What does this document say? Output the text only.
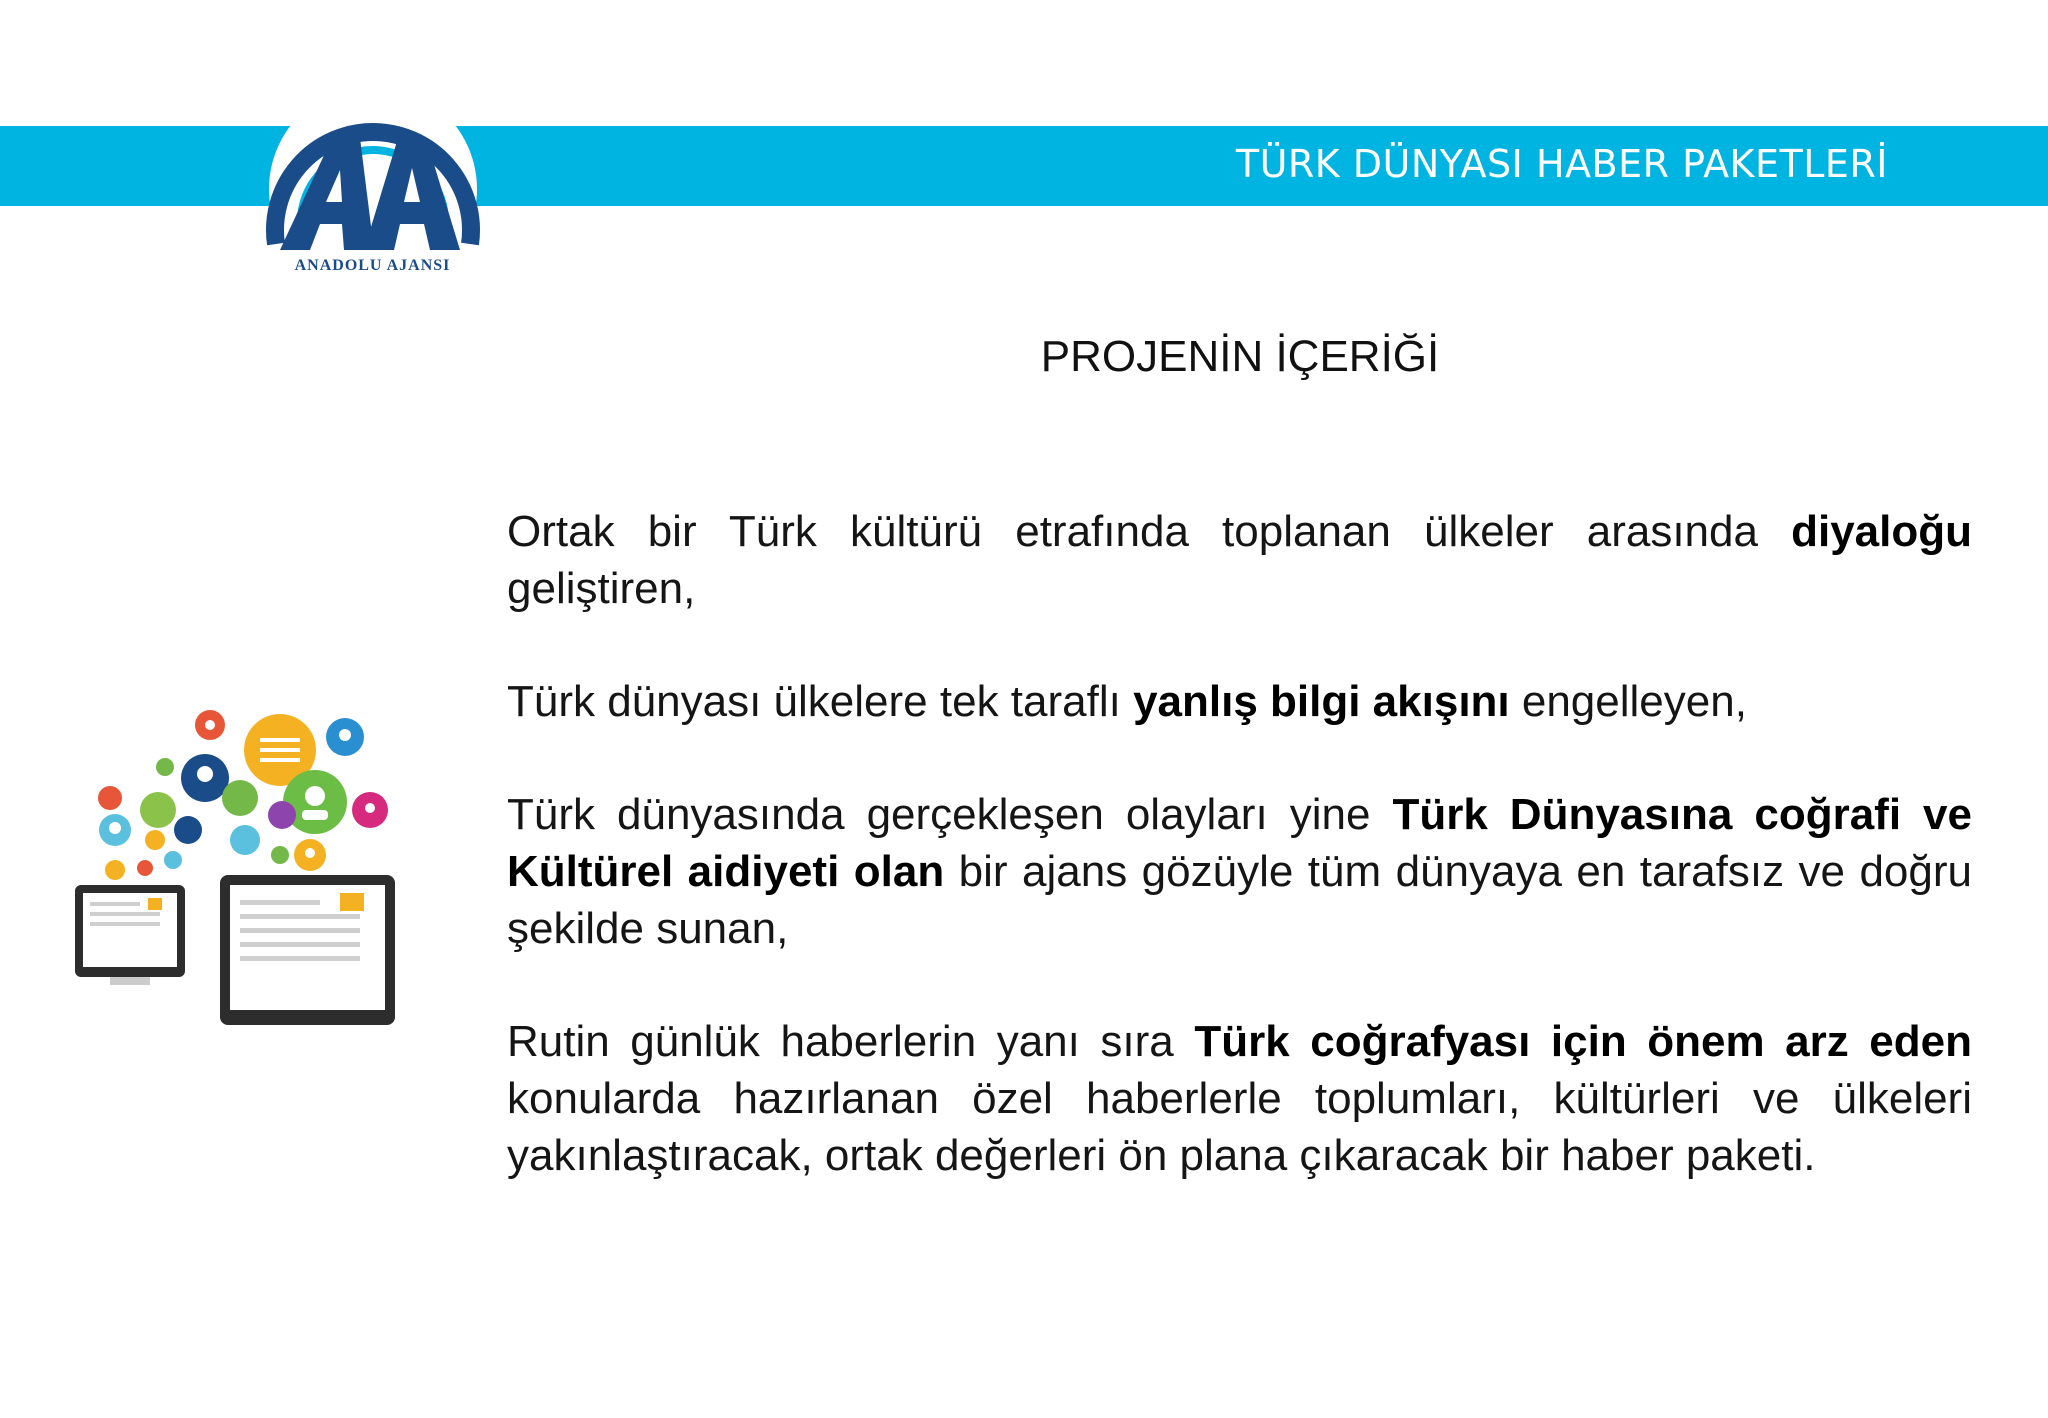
TÜRK DÜNYASI HABER PAKETLERİ
ANADOLU AJANSI
PROJENİN İÇERİĞİ

Ortak bir Türk kültürü etrafında toplanan ülkeler arasında diyaloğu geliştiren,

Türk dünyası ülkelere tek taraflı yanlış bilgi akışını engelleyen,

Türk dünyasında gerçekleşen olayları yine Türk Dünyasına coğrafi ve Kültürel aidiyeti olan bir ajans gözüyle tüm dünyaya en tarafsız ve doğru şekilde sunan,

Rutin günlük haberlerin yanı sıra Türk coğrafyası için önem arz eden konularda hazırlanan özel haberlerle toplumları, kültürleri ve ülkeleri yakınlaştıracak, ortak değerleri ön plana çıkaracak bir haber paketi.
